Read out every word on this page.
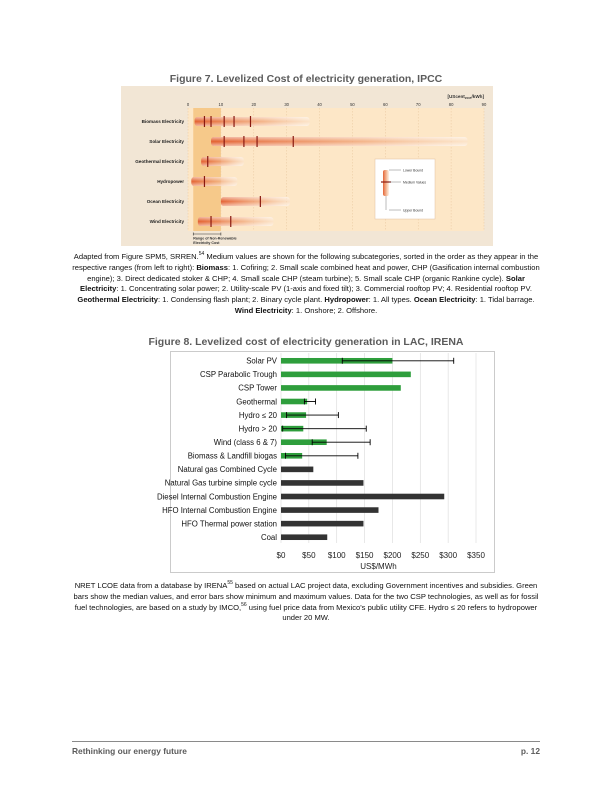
Figure 7. Levelized Cost of electricity generation, IPCC
0	10	20	30	40	50	60	70	80	90
[UScent$_{2005}$/kWh]
Biomass Electricity
Solar Electricity
Geothermal Electricity
Hydropower
Ocean Electricity
Wind Electricity
Range of Non-Renewable
Electricity Cost
Lower Bound
Medium Values
Upper Bound
Adapted from Figure SPM5, SRREN.$^{54}$ Medium values are shown for the following subcategories, sorted in the order as they appear in the respective ranges (from left to right): Biomass: 1. Cofiring; 2. Small scale combined heat and power, CHP (Gasification internal combustion engine); 3. Direct dedicated stoker & CHP; 4. Small scale CHP (steam turbine); 5. Small scale CHP (organic Rankine cycle). Solar Electricity: 1. Concentrating solar power; 2. Utility-scale PV (1-axis and fixed tilt); 3. Commercial rooftop PV; 4. Residential rooftop PV. Geothermal Electricity: 1. Condensing flash plant; 2. Binary cycle plant. Hydropower: 1. All types. Ocean Electricity: 1. Tidal barrage. Wind Electricity: 1. Onshore; 2. Offshore.
Figure 8. Levelized cost of electricity generation in LAC, IRENA
$0 $50 $100 $150 $200 $250 $300 $350
US$/MWh
Solar PV
CSP Parabolic Trough
CSP Tower
Geothermal
Hydro ≤ 20
Hydro > 20
Wind (class 6 & 7)
Biomass & Landfill biogas
Natural gas Combined Cycle
Natural Gas turbine simple cycle
Diesel Internal Combustion Engine
HFO Internal Combustion Engine
HFO Thermal power station
Coal
NRET LCOE data from a database by IRENA$^{55}$ based on actual LAC project data, excluding Government incentives and subsidies. Green bars show the median values, and error bars show minimum and maximum values. Data for the two CSP technologies, as well as for fossil fuel technologies, are based on a study by IMCO,$^{56}$ using fuel price data from Mexico's public utility CFE. Hydro ≤ 20 refers to hydropower under 20 MW.
Rethinking our energy future	p. 12
